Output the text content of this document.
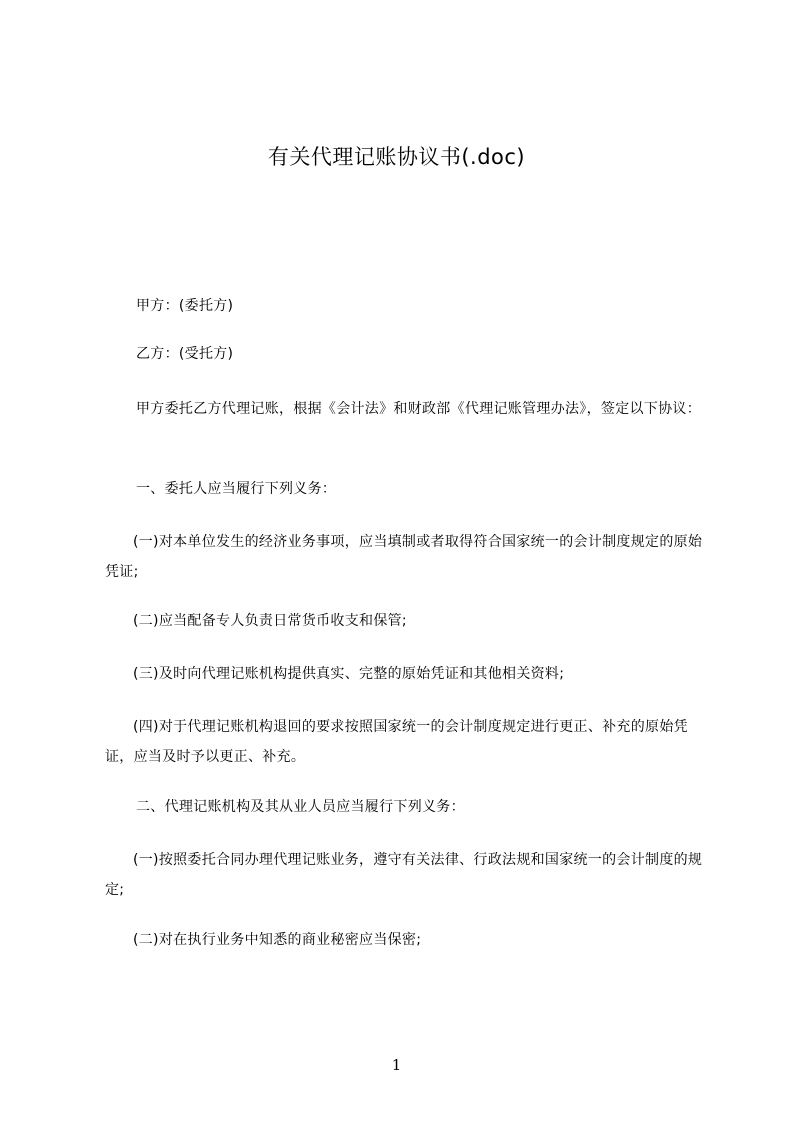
有关代理记账协议书(.doc)

甲方：(委托方)

乙方：(受托方)

甲方委托乙方代理记账，根据《会计法》和财政部《代理记账管理办法》，签定以下协议：

一、委托人应当履行下列义务：

(一)对本单位发生的经济业务事项，应当填制或者取得符合国家统一的会计制度规定的原始凭证;

(二)应当配备专人负责日常货币收支和保管;

(三)及时向代理记账机构提供真实、完整的原始凭证和其他相关资料;

(四)对于代理记账机构退回的要求按照国家统一的会计制度规定进行更正、补充的原始凭证，应当及时予以更正、补充。

二、代理记账机构及其从业人员应当履行下列义务：

(一)按照委托合同办理代理记账业务，遵守有关法律、行政法规和国家统一的会计制度的规定;

(二)对在执行业务中知悉的商业秘密应当保密;

1
